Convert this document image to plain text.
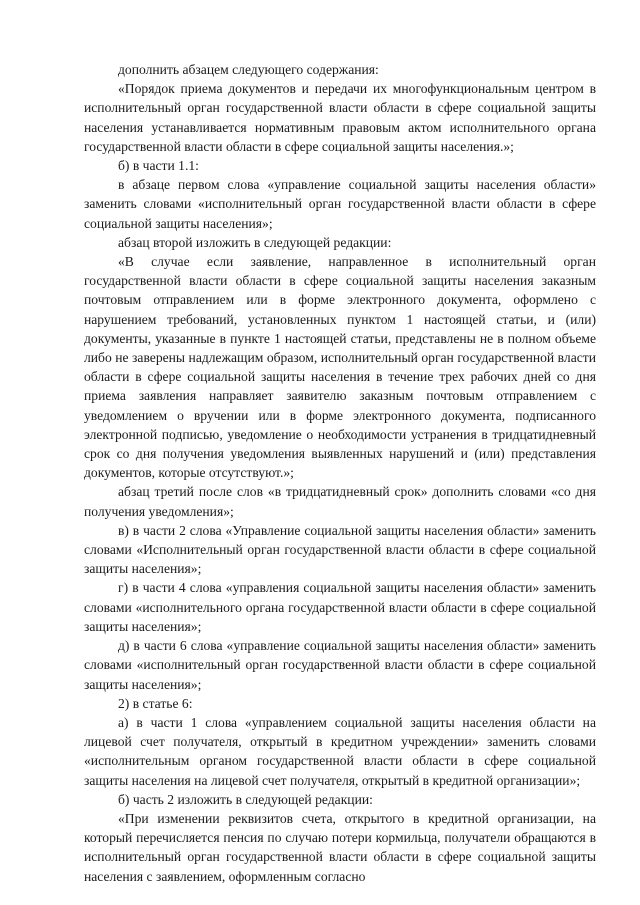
дополнить абзацем следующего содержания:

«Порядок приема документов и передачи их многофункциональным центром в исполнительный орган государственной власти области в сфере социальной защиты населения устанавливается нормативным правовым актом исполнительного органа государственной власти области в сфере социальной защиты населения.»;

б) в части 1.1:

в абзаце первом слова «управление социальной защиты населения области» заменить словами «исполнительный орган государственной власти области в сфере социальной защиты населения»;

абзац второй изложить в следующей редакции:

«В случае если заявление, направленное в исполнительный орган государственной власти области в сфере социальной защиты населения заказным почтовым отправлением или в форме электронного документа, оформлено с нарушением требований, установленных пунктом 1 настоящей статьи, и (или) документы, указанные в пункте 1 настоящей статьи, представлены не в полном объеме либо не заверены надлежащим образом, исполнительный орган государственной власти области в сфере социальной защиты населения в течение трех рабочих дней со дня приема заявления направляет заявителю заказным почтовым отправлением с уведомлением о вручении или в форме электронного документа, подписанного электронной подписью, уведомление о необходимости устранения в тридцатидневный срок со дня получения уведомления выявленных нарушений и (или) представления документов, которые отсутствуют.»;

абзац третий после слов «в тридцатидневный срок» дополнить словами «со дня получения уведомления»;

в) в части 2 слова «Управление социальной защиты населения области» заменить словами «Исполнительный орган государственной власти области в сфере социальной защиты населения»;

г) в части 4 слова «управления социальной защиты населения области» заменить словами «исполнительного органа государственной власти области в сфере социальной защиты населения»;

д) в части 6 слова «управление социальной защиты населения области» заменить словами «исполнительный орган государственной власти области в сфере социальной защиты населения»;

2) в статье 6:

а) в части 1 слова «управлением социальной защиты населения области на лицевой счет получателя, открытый в кредитном учреждении» заменить словами «исполнительным органом государственной власти области в сфере социальной защиты населения на лицевой счет получателя, открытый в кредитной организации»;

б) часть 2 изложить в следующей редакции:

«При изменении реквизитов счета, открытого в кредитной организации, на который перечисляется пенсия по случаю потери кормильца, получатели обращаются в исполнительный орган государственной власти области в сфере социальной защиты населения с заявлением, оформленным согласно
